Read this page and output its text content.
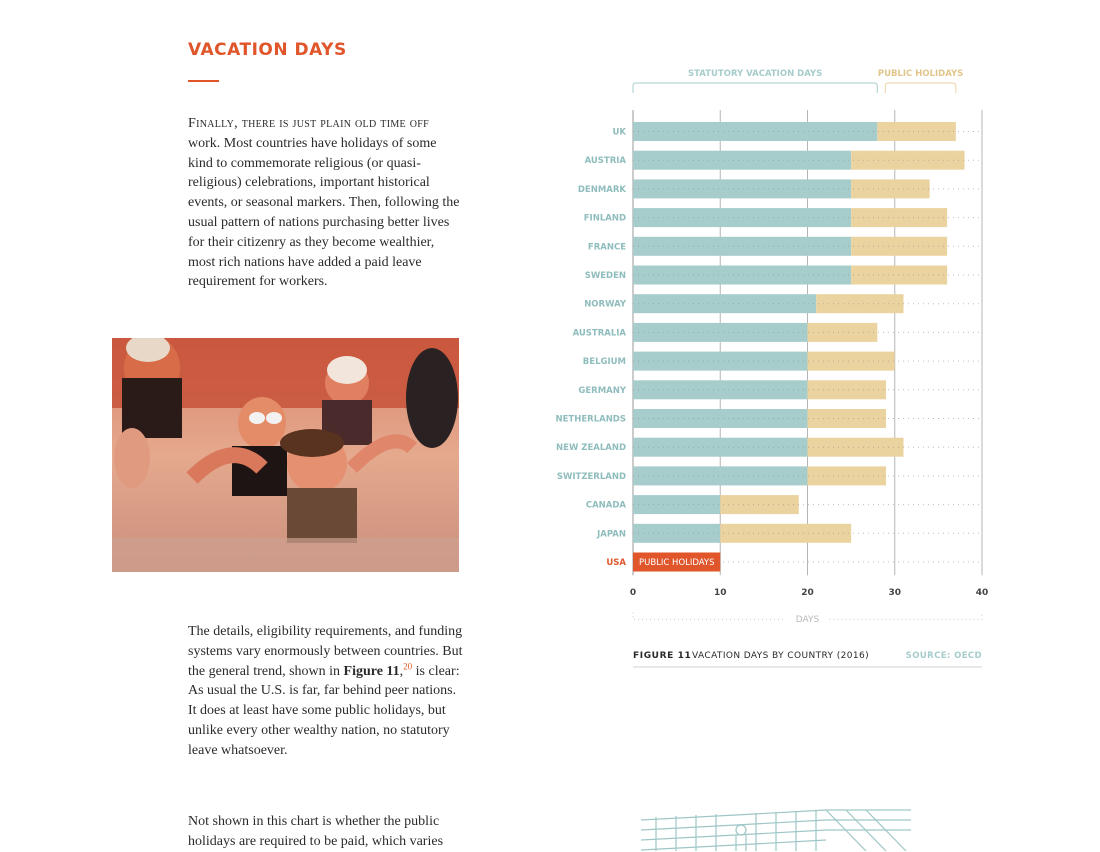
VACATION DAYS

Finally, there is just plain old time off work. Most countries have holidays of some kind to commemorate religious (or quasi-religious) celebrations, important historical events, or seasonal markers. Then, following the usual pattern of nations purchasing better lives for their citizenry as they become wealthier, most rich nations have added a paid leave requirement for workers.

The details, eligibility requirements, and funding systems vary enormously between countries. But the general trend, shown in Figure 11,20 is clear: As usual the U.S. is far, far behind peer nations. It does at least have some public holidays, but unlike every other wealthy nation, no statutory leave whatsoever.

Not shown in this chart is whether the public holidays are required to be paid, which varies

STATUTORY VACATION DAYS	PUBLIC HOLIDAYS
PUBLIC HOLIDAYS
UK
AUSTRIA
DENMARK
FINLAND
FRANCE
SWEDEN
NORWAY
AUSTRALIA
BELGIUM
GERMANY
NETHERLANDS
NEW ZEALAND
SWITZERLAND
CANADA
JAPAN
USA
0	10	20	30	40
DAYS
FIGURE 11 VACATION DAYS BY COUNTRY (2016)	SOURCE: OECD
